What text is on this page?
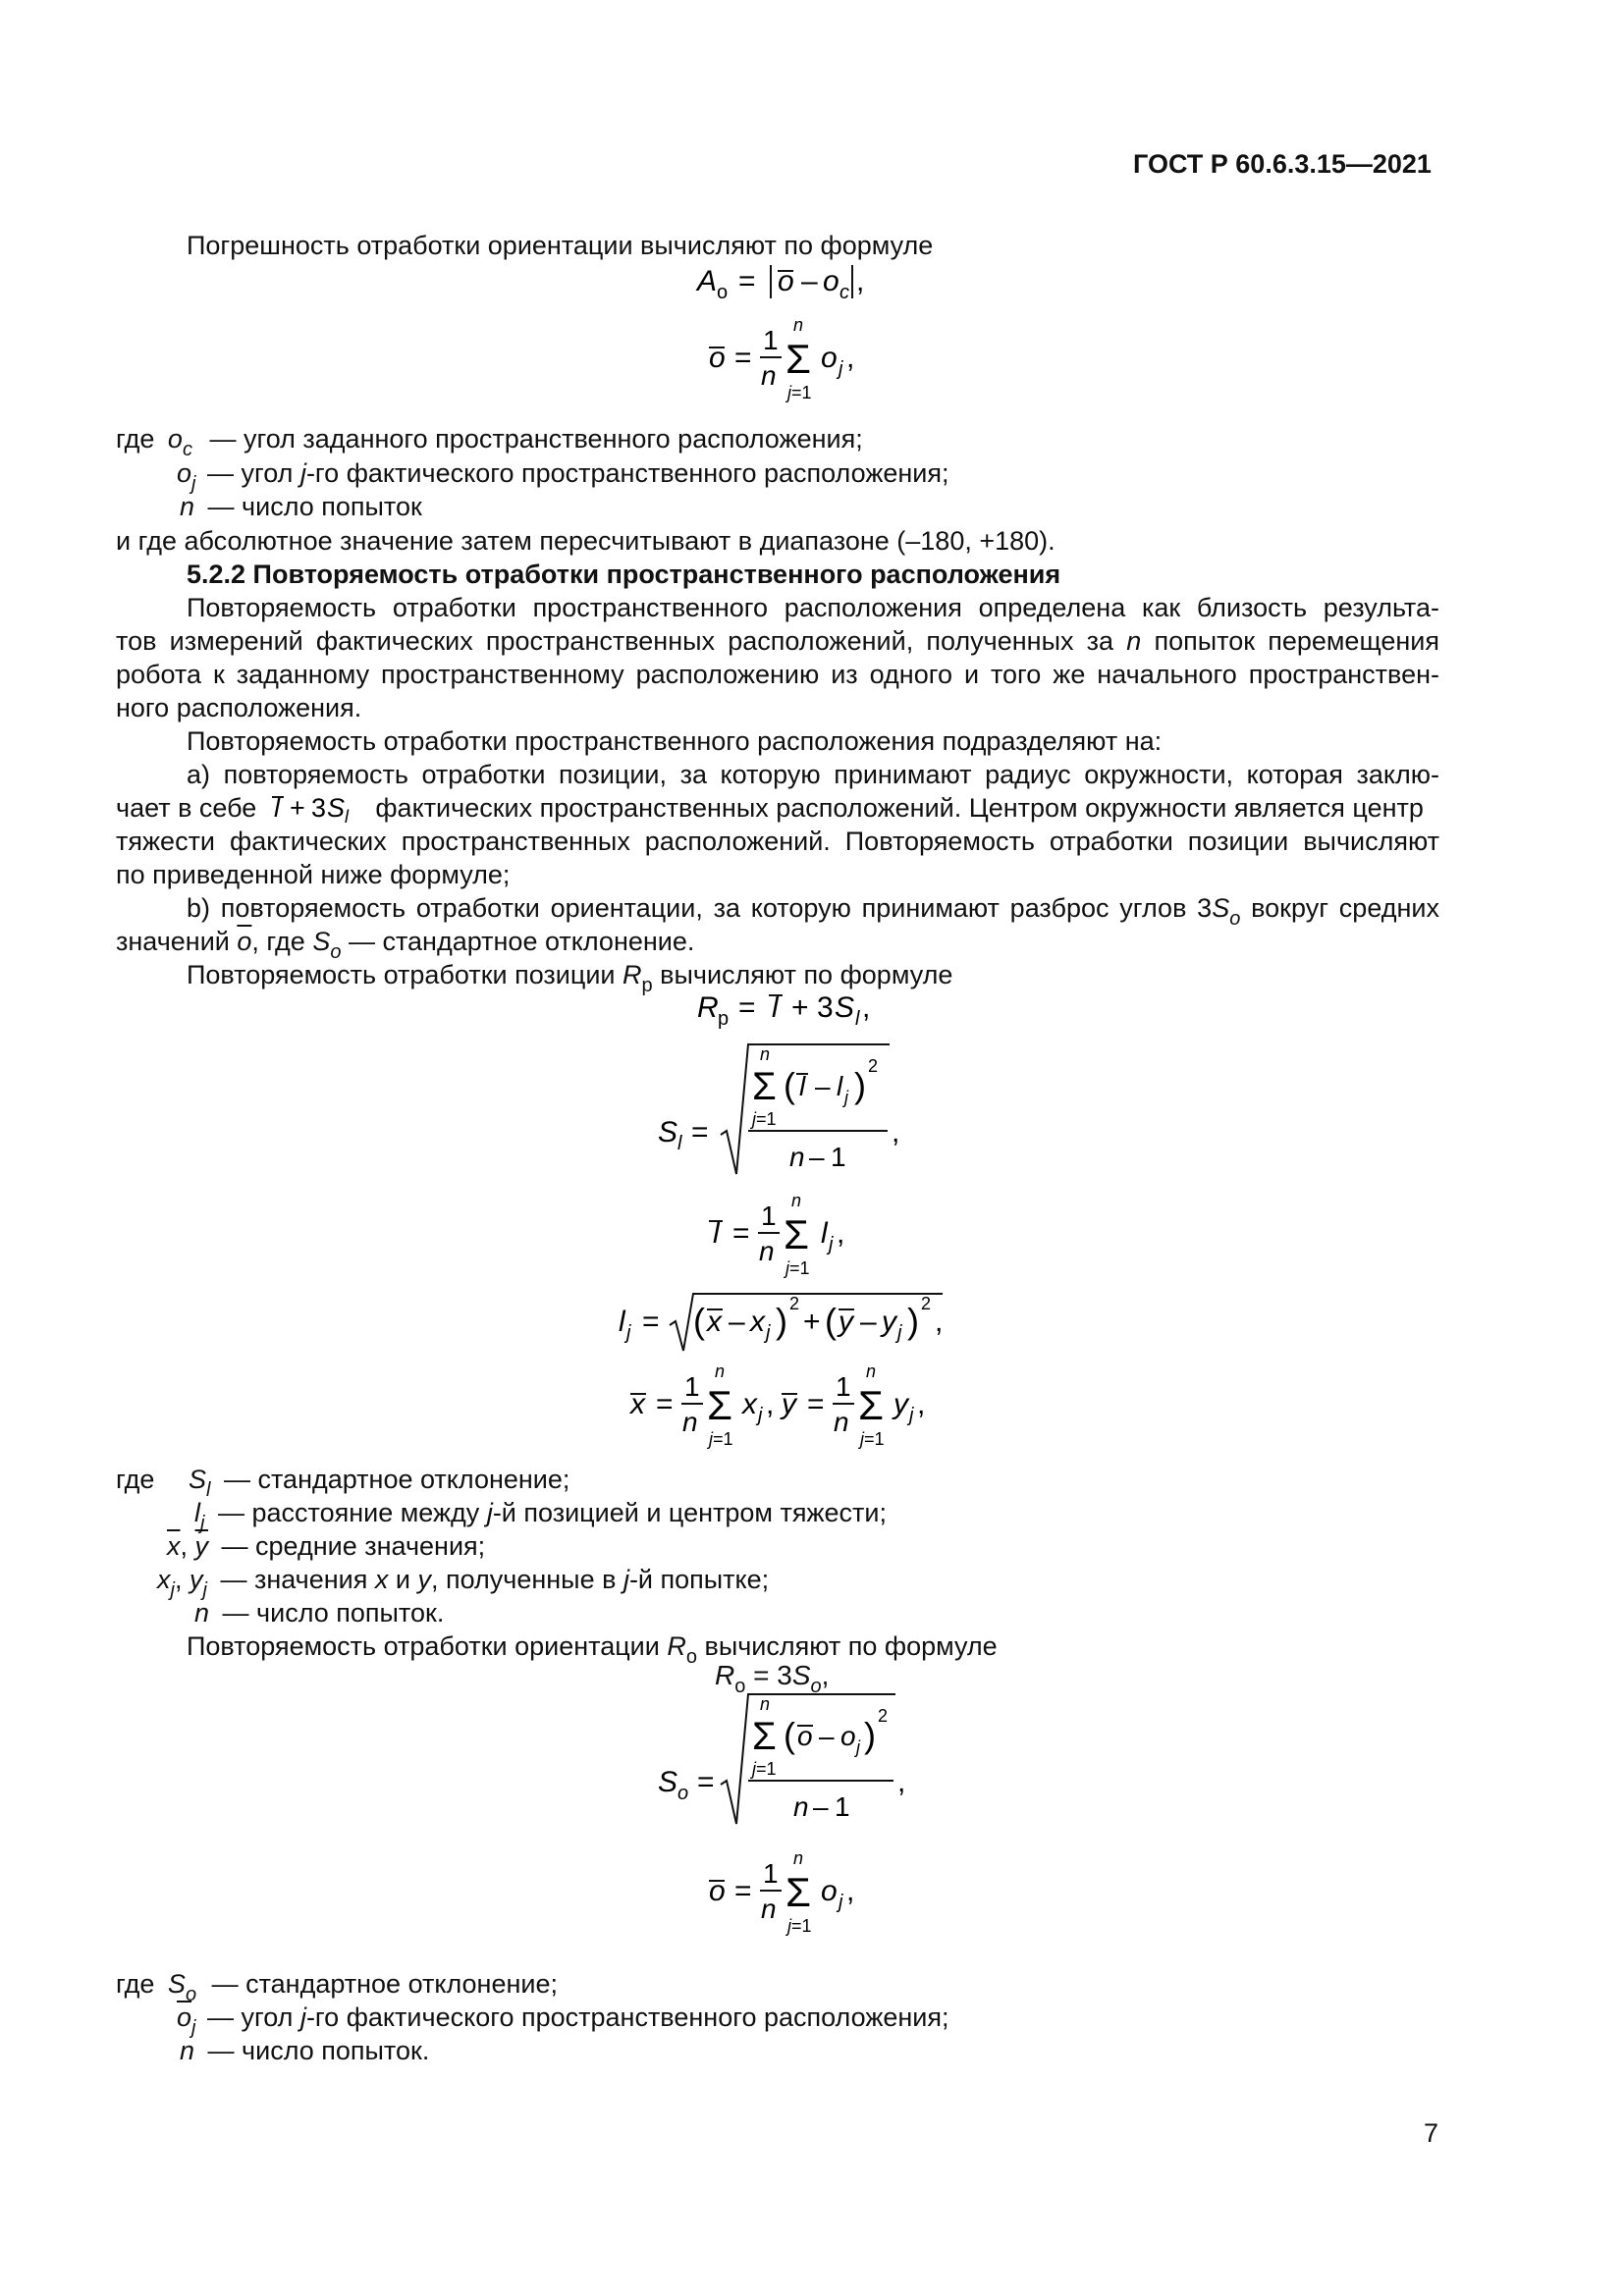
ГОСТ Р 60.6.3.15—2021
Погрешность отработки ориентации вычисляют по формуле
A o = o – o c ,
o =
1
n
n
Σ
j=1
o j ,
где $o_c$ — угол заданного пространственного расположения;
$o_j$ — угол j-го фактического пространственного расположения;
n — число попыток
и где абсолютное значение затем пересчитывают в диапазоне (–180, +180).
5.2.2 Повторяемость отработки пространственного расположения
Повторяемость отработки пространственного расположения определена как близость результа-
тов измерений фактических пространственных расположений, полученных за n попыток перемещения
робота к заданному пространственному расположению из одного и того же начального пространствен-
ного расположения.
Повторяемость отработки пространственного расположения подразделяют на:
а) повторяемость отработки позиции, за которую принимают радиус окружности, которая заклю-
чает в себе l + 3 S l фактических пространственных расположений. Центром окружности является центр
тяжести фактических пространственных расположений. Повторяемость отработки позиции вычисляют
по приведенной ниже формуле;
b) повторяемость отработки ориентации, за которую принимают разброс углов $3S_o$ вокруг средних
значений $\overline{o}$, где $S_o$ — стандартное отклонение.
Повторяемость отработки позиции $R_p$ вычисляют по формуле
R p = l + 3 S l ,
S l =
n
Σ
j=1
( l – l j ) 2
n – 1
,
l =
1
n
n
Σ
j=1
l j ,
l j = ( x – x j ) 2
+ ( y – y j ) 2
,
x =
1
n
n
Σ
j=1
x j , y =
1
n
n
Σ
j=1
y j ,
где $S_l$ — стандартное отклонение;
$l_j$ — расстояние между j-й позицией и центром тяжести;
$\overline{x}$, $\overline{y}$ — средние значения;
$x_j$, $y_j$ — значения x и y, полученные в j-й попытке;
n — число попыток.
Повторяемость отработки ориентации $R_o$ вычисляют по формуле
$R_o = 3S_o$,
S o =
n
Σ
j=1
( o – o j ) 2
n – 1
,
o =
1
n
n
Σ
j=1
o j ,
где $S_o$ — стандартное отклонение;
$\overline{o}_j$ — угол j-го фактического пространственного расположения;
n — число попыток.
7
